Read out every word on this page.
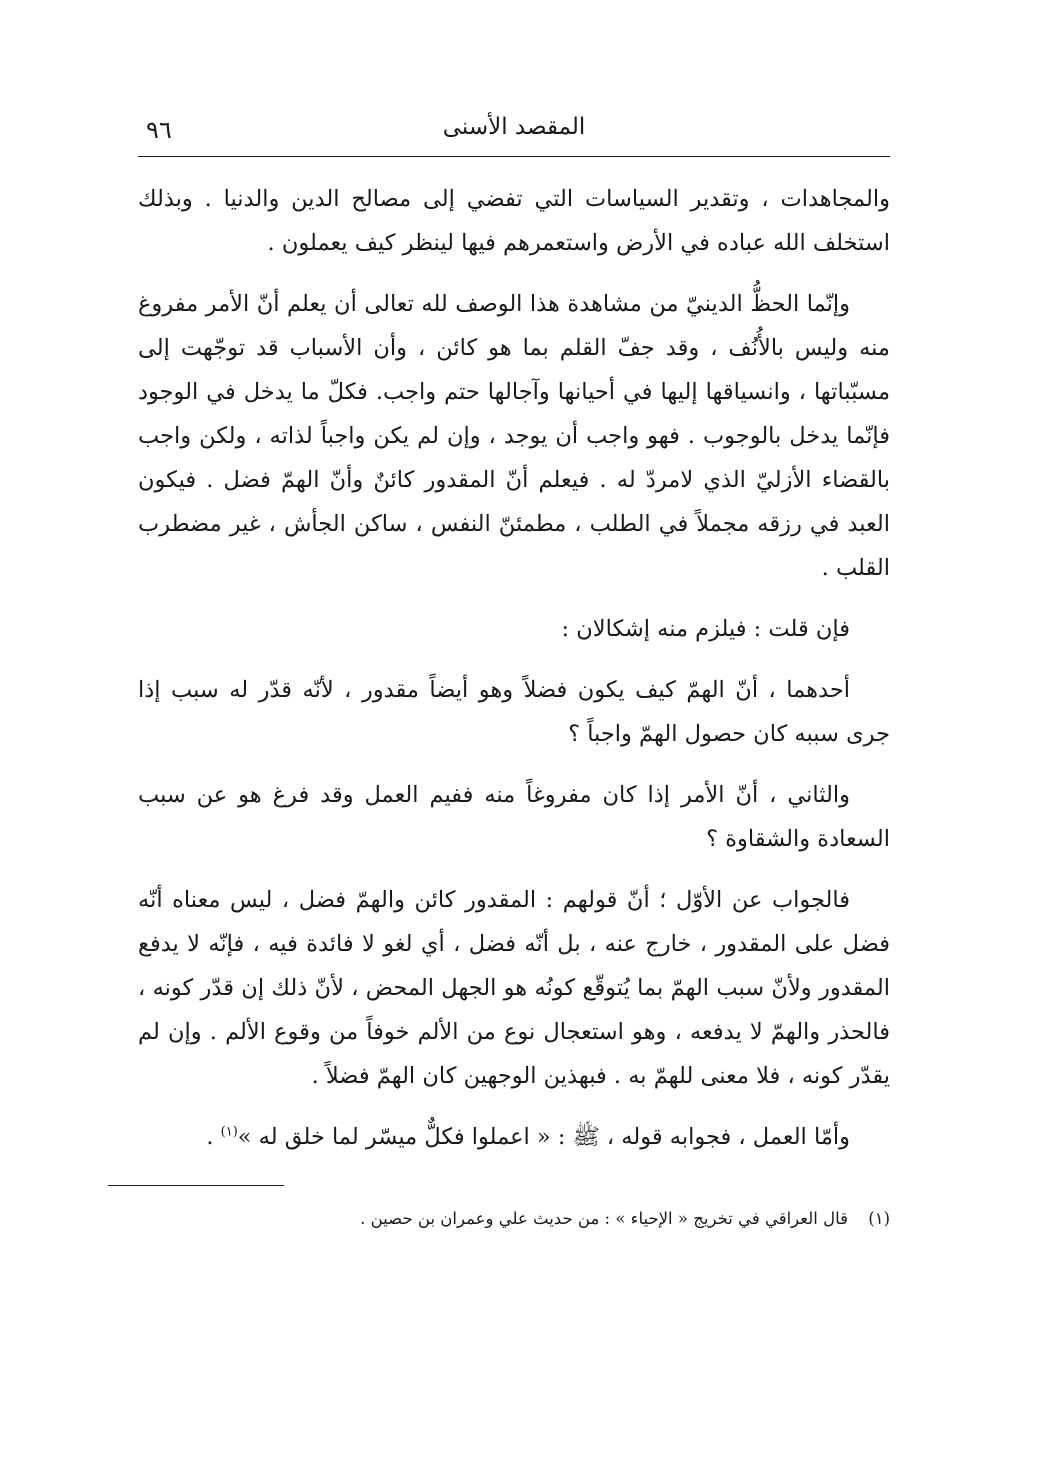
المقصد الأسنى
٩٦

والمجاهدات ، وتقدير السياسات التي تفضي إلى مصالح الدين والدنيا . وبذلك استخلف الله عباده في الأرض واستعمرهم فيها لينظر كيف يعملون .

وإنّما الحظُّ الدينيّ من مشاهدة هذا الوصف لله تعالى أن يعلم أنّ الأمر مفروغ منه وليس بالأُنُف ، وقد جفّ القلم بما هو كائن ، وأن الأسباب قد توجّهت إلى مسبّباتها ، وانسياقها إليها في أحيانها وآجالها حتم واجب. فكلّ ما يدخل في الوجود فإنّما يدخل بالوجوب . فهو واجب أن يوجد ، وإن لم يكن واجباً لذاته ، ولكن واجب بالقضاء الأزليّ الذي لامردّ له . فيعلم أنّ المقدور كائنٌ وأنّ الهمّ فضل . فيكون العبد في رزقه مجملاً في الطلب ، مطمئنّ النفس ، ساكن الجأش ، غير مضطرب القلب .

فإن قلت : فيلزم منه إشكالان :

أحدهما ، أنّ الهمّ كيف يكون فضلاً وهو أيضاً مقدور ، لأنّه قدّر له سبب إذا جرى سببه كان حصول الهمّ واجباً ؟

والثاني ، أنّ الأمر إذا كان مفروغاً منه ففيم العمل وقد فرغ هو عن سبب السعادة والشقاوة ؟

فالجواب عن الأوّل ؛ أنّ قولهم : المقدور كائن والهمّ فضل ، ليس معناه أنّه فضل على المقدور ، خارج عنه ، بل أنّه فضل ، أي لغو لا فائدة فيه ، فإنّه لا يدفع المقدور ولأنّ سبب الهمّ بما يُتوقّع كونُه هو الجهل المحض ، لأنّ ذلك إن قدّر كونه ، فالحذر والهمّ لا يدفعه ، وهو استعجال نوع من الألم خوفاً من وقوع الألم . وإن لم يقدّر كونه ، فلا معنى للهمّ به . فبهذين الوجهين كان الهمّ فضلاً .

وأمّا العمل ، فجوابه قوله ، ﷺ : « اعملوا فكلٌّ ميسّر لما خلق له »$^{(١)}$ .

(١)قال العراقي في تخريج « الإحياء » : من حديث علي وعمران بن حصين .
